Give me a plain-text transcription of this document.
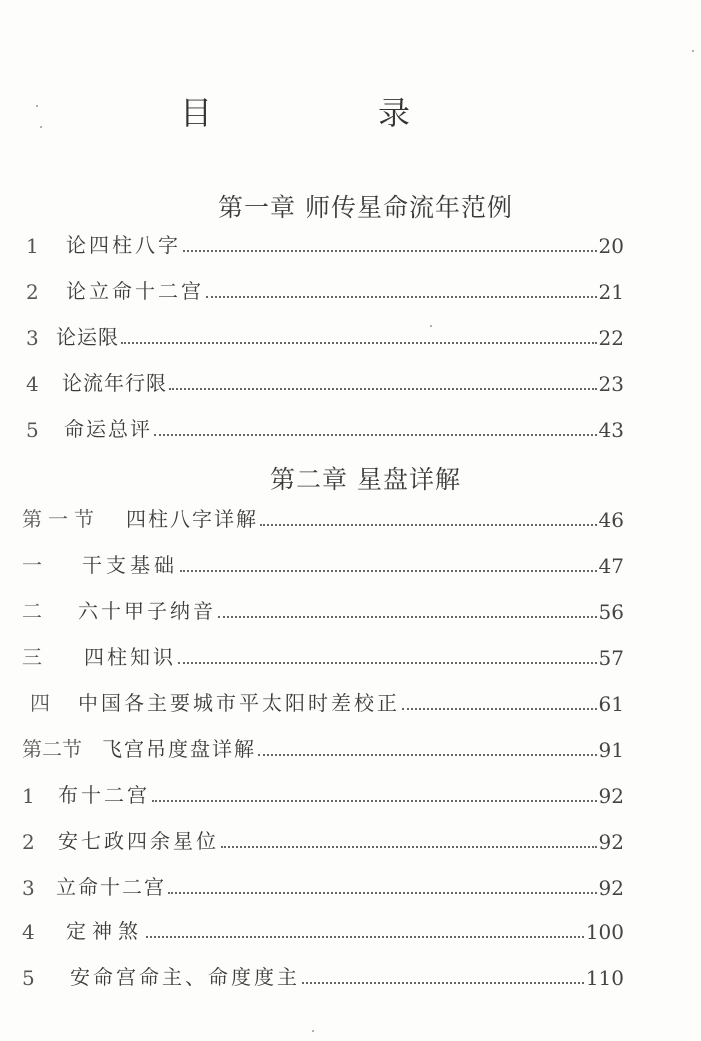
目	录
第一章 师传星命流年范例
1	论四柱八字	20
2	论立命十二宫	21
3 论运限	22
4	论流年行限	23
5	命运总评	43
第二章 星盘详解
第一节	四柱八字详解	46
一	干支基础	47
二	六十甲子纳音	56
三	四柱知识	57
四	中国各主要城市平太阳时差校正	61
第二节	飞宫吊度盘详解	91
1	布十二宫	92
2	安七政四余星位	92
3	立命十二宫	92
4	定神煞	100
5	安命宫命主、命度度主	110
